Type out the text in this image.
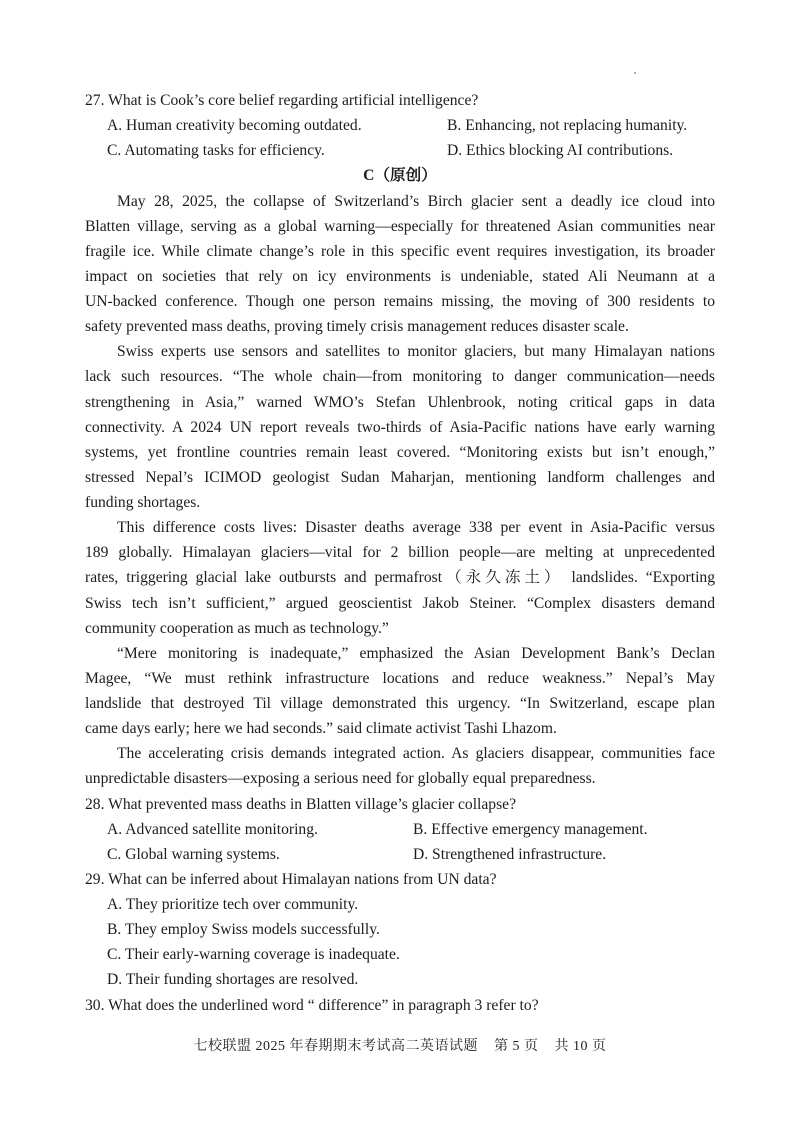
27. What is Cook’s core belief regarding artificial intelligence?
A. Human creativity becoming outdated.	B. Enhancing, not replacing humanity.
C. Automating tasks for efficiency.	D. Ethics blocking AI contributions.
C（原创）
May 28, 2025, the collapse of Switzerland’s Birch glacier sent a deadly ice cloud into
Blatten village, serving as a global warning—especially for threatened Asian communities near
fragile ice. While climate change’s role in this specific event requires investigation, its broader
impact on societies that rely on icy environments is undeniable, stated Ali Neumann at a
UN-backed conference. Though one person remains missing, the moving of 300 residents to
safety prevented mass deaths, proving timely crisis management reduces disaster scale.
Swiss experts use sensors and satellites to monitor glaciers, but many Himalayan nations
lack such resources. “The whole chain—from monitoring to danger communication—needs
strengthening in Asia,” warned WMO’s Stefan Uhlenbrook, noting critical gaps in data
connectivity. A 2024 UN report reveals two-thirds of Asia-Pacific nations have early warning
systems, yet frontline countries remain least covered. “Monitoring exists but isn’t enough,”
stressed Nepal’s ICIMOD geologist Sudan Maharjan, mentioning landform challenges and
funding shortages.
This difference costs lives: Disaster deaths average 338 per event in Asia-Pacific versus
189 globally. Himalayan glaciers—vital for 2 billion people—are melting at unprecedented
rates, triggering glacial lake outbursts and permafrost（永久冻土） landslides. “Exporting
Swiss tech isn’t sufficient,” argued geoscientist Jakob Steiner. “Complex disasters demand
community cooperation as much as technology.”
“Mere monitoring is inadequate,” emphasized the Asian Development Bank’s Declan
Magee, “We must rethink infrastructure locations and reduce weakness.” Nepal’s May
landslide that destroyed Til village demonstrated this urgency. “In Switzerland, escape plan
came days early; here we had seconds.” said climate activist Tashi Lhazom.
The accelerating crisis demands integrated action. As glaciers disappear, communities face
unpredictable disasters—exposing a serious need for globally equal preparedness.
28. What prevented mass deaths in Blatten village’s glacier collapse?
A. Advanced satellite monitoring.	B. Effective emergency management.
C. Global warning systems.	D. Strengthened infrastructure.
29. What can be inferred about Himalayan nations from UN data?
A. They prioritize tech over community.
B. They employ Swiss models successfully.
C. Their early-warning coverage is inadequate.
D. Their funding shortages are resolved.
30. What does the underlined word “ difference” in paragraph 3 refer to?
七校联盟 2025 年春期期末考试高二英语试题 第 5 页 共 10 页
